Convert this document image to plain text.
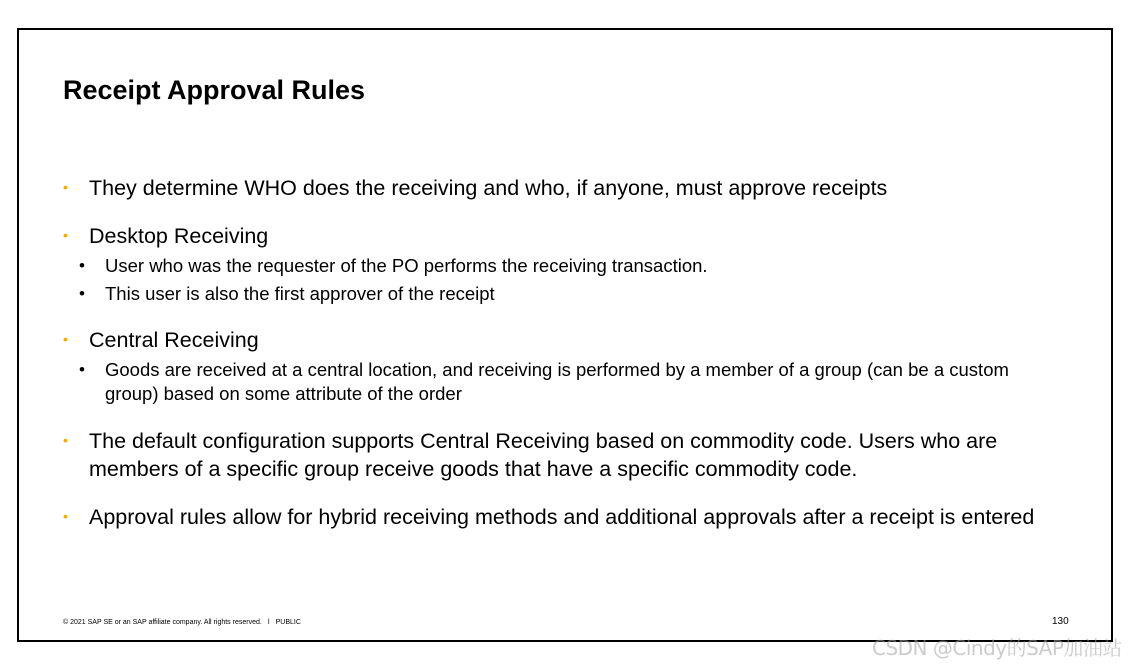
Receipt Approval Rules
• They determine WHO does the receiving and who, if anyone, must approve receipts
• Desktop Receiving
• User who was the requester of the PO performs the receiving transaction.
• This user is also the first approver of the receipt
• Central Receiving
• Goods are received at a central location, and receiving is performed by a member of a group (can be a custom group) based on some attribute of the order
• The default configuration supports Central Receiving based on commodity code. Users who are members of a specific group receive goods that have a specific commodity code.
• Approval rules allow for hybrid receiving methods and additional approvals after a receipt is entered
© 2021 SAP SE or an SAP affiliate company. All rights reserved. ǀ PUBLIC	130
CSDN @Cindy的SAP加油站
